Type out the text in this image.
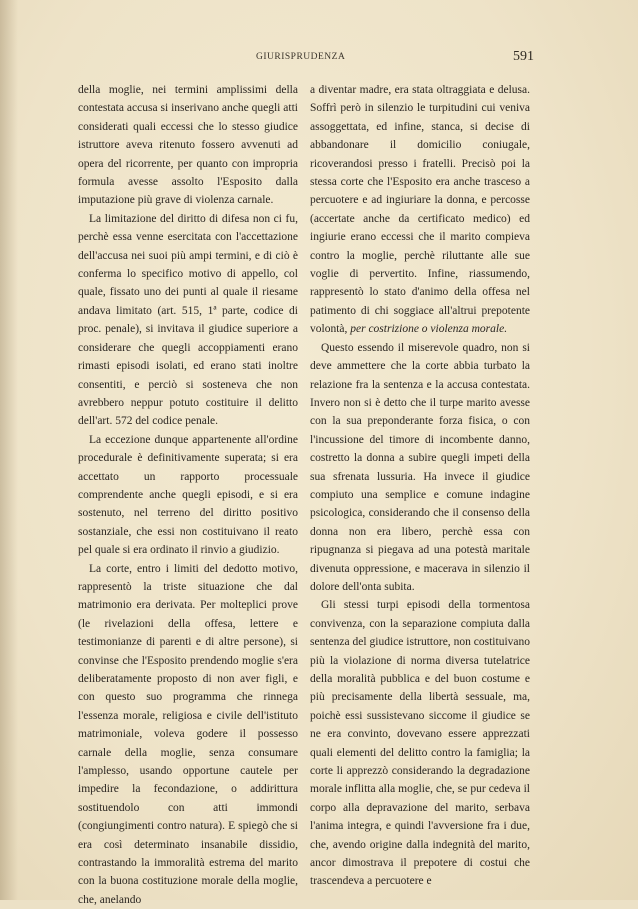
GIURISPRUDENZA	591

della moglie, nei termini amplissimi della contestata accusa si inserivano anche quegli atti considerati quali eccessi che lo stesso giudice istruttore aveva ritenuto fossero avvenuti ad opera del ricorrente, per quanto con impropria formula avesse assolto l'Esposito dalla imputazione più grave di violenza carnale.

La limitazione del diritto di difesa non ci fu, perchè essa venne esercitata con l'accettazione dell'accusa nei suoi più ampi termini, e di ciò è conferma lo specifico motivo di appello, col quale, fissato uno dei punti al quale il riesame andava limitato (art. 515, 1ª parte, codice di proc. penale), si invitava il giudice superiore a considerare che quegli accoppiamenti erano rimasti episodi isolati, ed erano stati inoltre consentiti, e perciò si sosteneva che non avrebbero neppur potuto costituire il delitto dell'art. 572 del codice penale.

La eccezione dunque appartenente all'ordine procedurale è definitivamente superata; si era accettato un rapporto processuale comprendente anche quegli episodi, e si era sostenuto, nel terreno del diritto positivo sostanziale, che essi non costituivano il reato pel quale si era ordinato il rinvio a giudizio.

La corte, entro i limiti del dedotto motivo, rappresentò la triste situazione che dal matrimonio era derivata. Per molteplici prove (le rivelazioni della offesa, lettere e testimonianze di parenti e di altre persone), si convinse che l'Esposito prendendo moglie s'era deliberatamente proposto di non aver figli, e con questo suo programma che rinnega l'essenza morale, religiosa e civile dell'istituto matrimoniale, voleva godere il possesso carnale della moglie, senza consumare l'amplesso, usando opportune cautele per impedire la fecondazione, o addirittura sostituendolo con atti immondi (congiungimenti contro natura). E spiegò che si era così determinato insanabile dissidio, contrastando la immoralità estrema del marito con la buona costituzione morale della moglie, che, anelando

a diventar madre, era stata oltraggiata e delusa. Soffrì però in silenzio le turpitudini cui veniva assoggettata, ed infine, stanca, si decise di abbandonare il domicilio coniugale, ricoverandosi presso i fratelli. Precisò poi la stessa corte che l'Esposito era anche trasceso a percuotere e ad ingiuriare la donna, e percosse (accertate anche da certificato medico) ed ingiurie erano eccessi che il marito compieva contro la moglie, perchè riluttante alle sue voglie di pervertito. Infine, riassumendo, rappresentò lo stato d'animo della offesa nel patimento di chi soggiace all'altrui prepotente volontà, per costrizione o violenza morale.

Questo essendo il miserevole quadro, non si deve ammettere che la corte abbia turbato la relazione fra la sentenza e la accusa contestata. Invero non si è detto che il turpe marito avesse con la sua preponderante forza fisica, o con l'incussione del timore di incombente danno, costretto la donna a subire quegli impeti della sua sfrenata lussuria. Ha invece il giudice compiuto una semplice e comune indagine psicologica, considerando che il consenso della donna non era libero, perchè essa con ripugnanza si piegava ad una potestà maritale divenuta oppressione, e macerava in silenzio il dolore dell'onta subita.

Gli stessi turpi episodi della tormentosa convivenza, con la separazione compiuta dalla sentenza del giudice istruttore, non costituivano più la violazione di norma diversa tutelatrice della moralità pubblica e del buon costume e più precisamente della libertà sessuale, ma, poichè essi sussistevano siccome il giudice se ne era convinto, dovevano essere apprezzati quali elementi del delitto contro la famiglia; la corte li apprezzò considerando la degradazione morale inflitta alla moglie, che, se pur cedeva il corpo alla depravazione del marito, serbava l'anima integra, e quindi l'avversione fra i due, che, avendo origine dalla indegnità del marito, ancor dimostrava il prepotere di costui che trascendeva a percuotere e
